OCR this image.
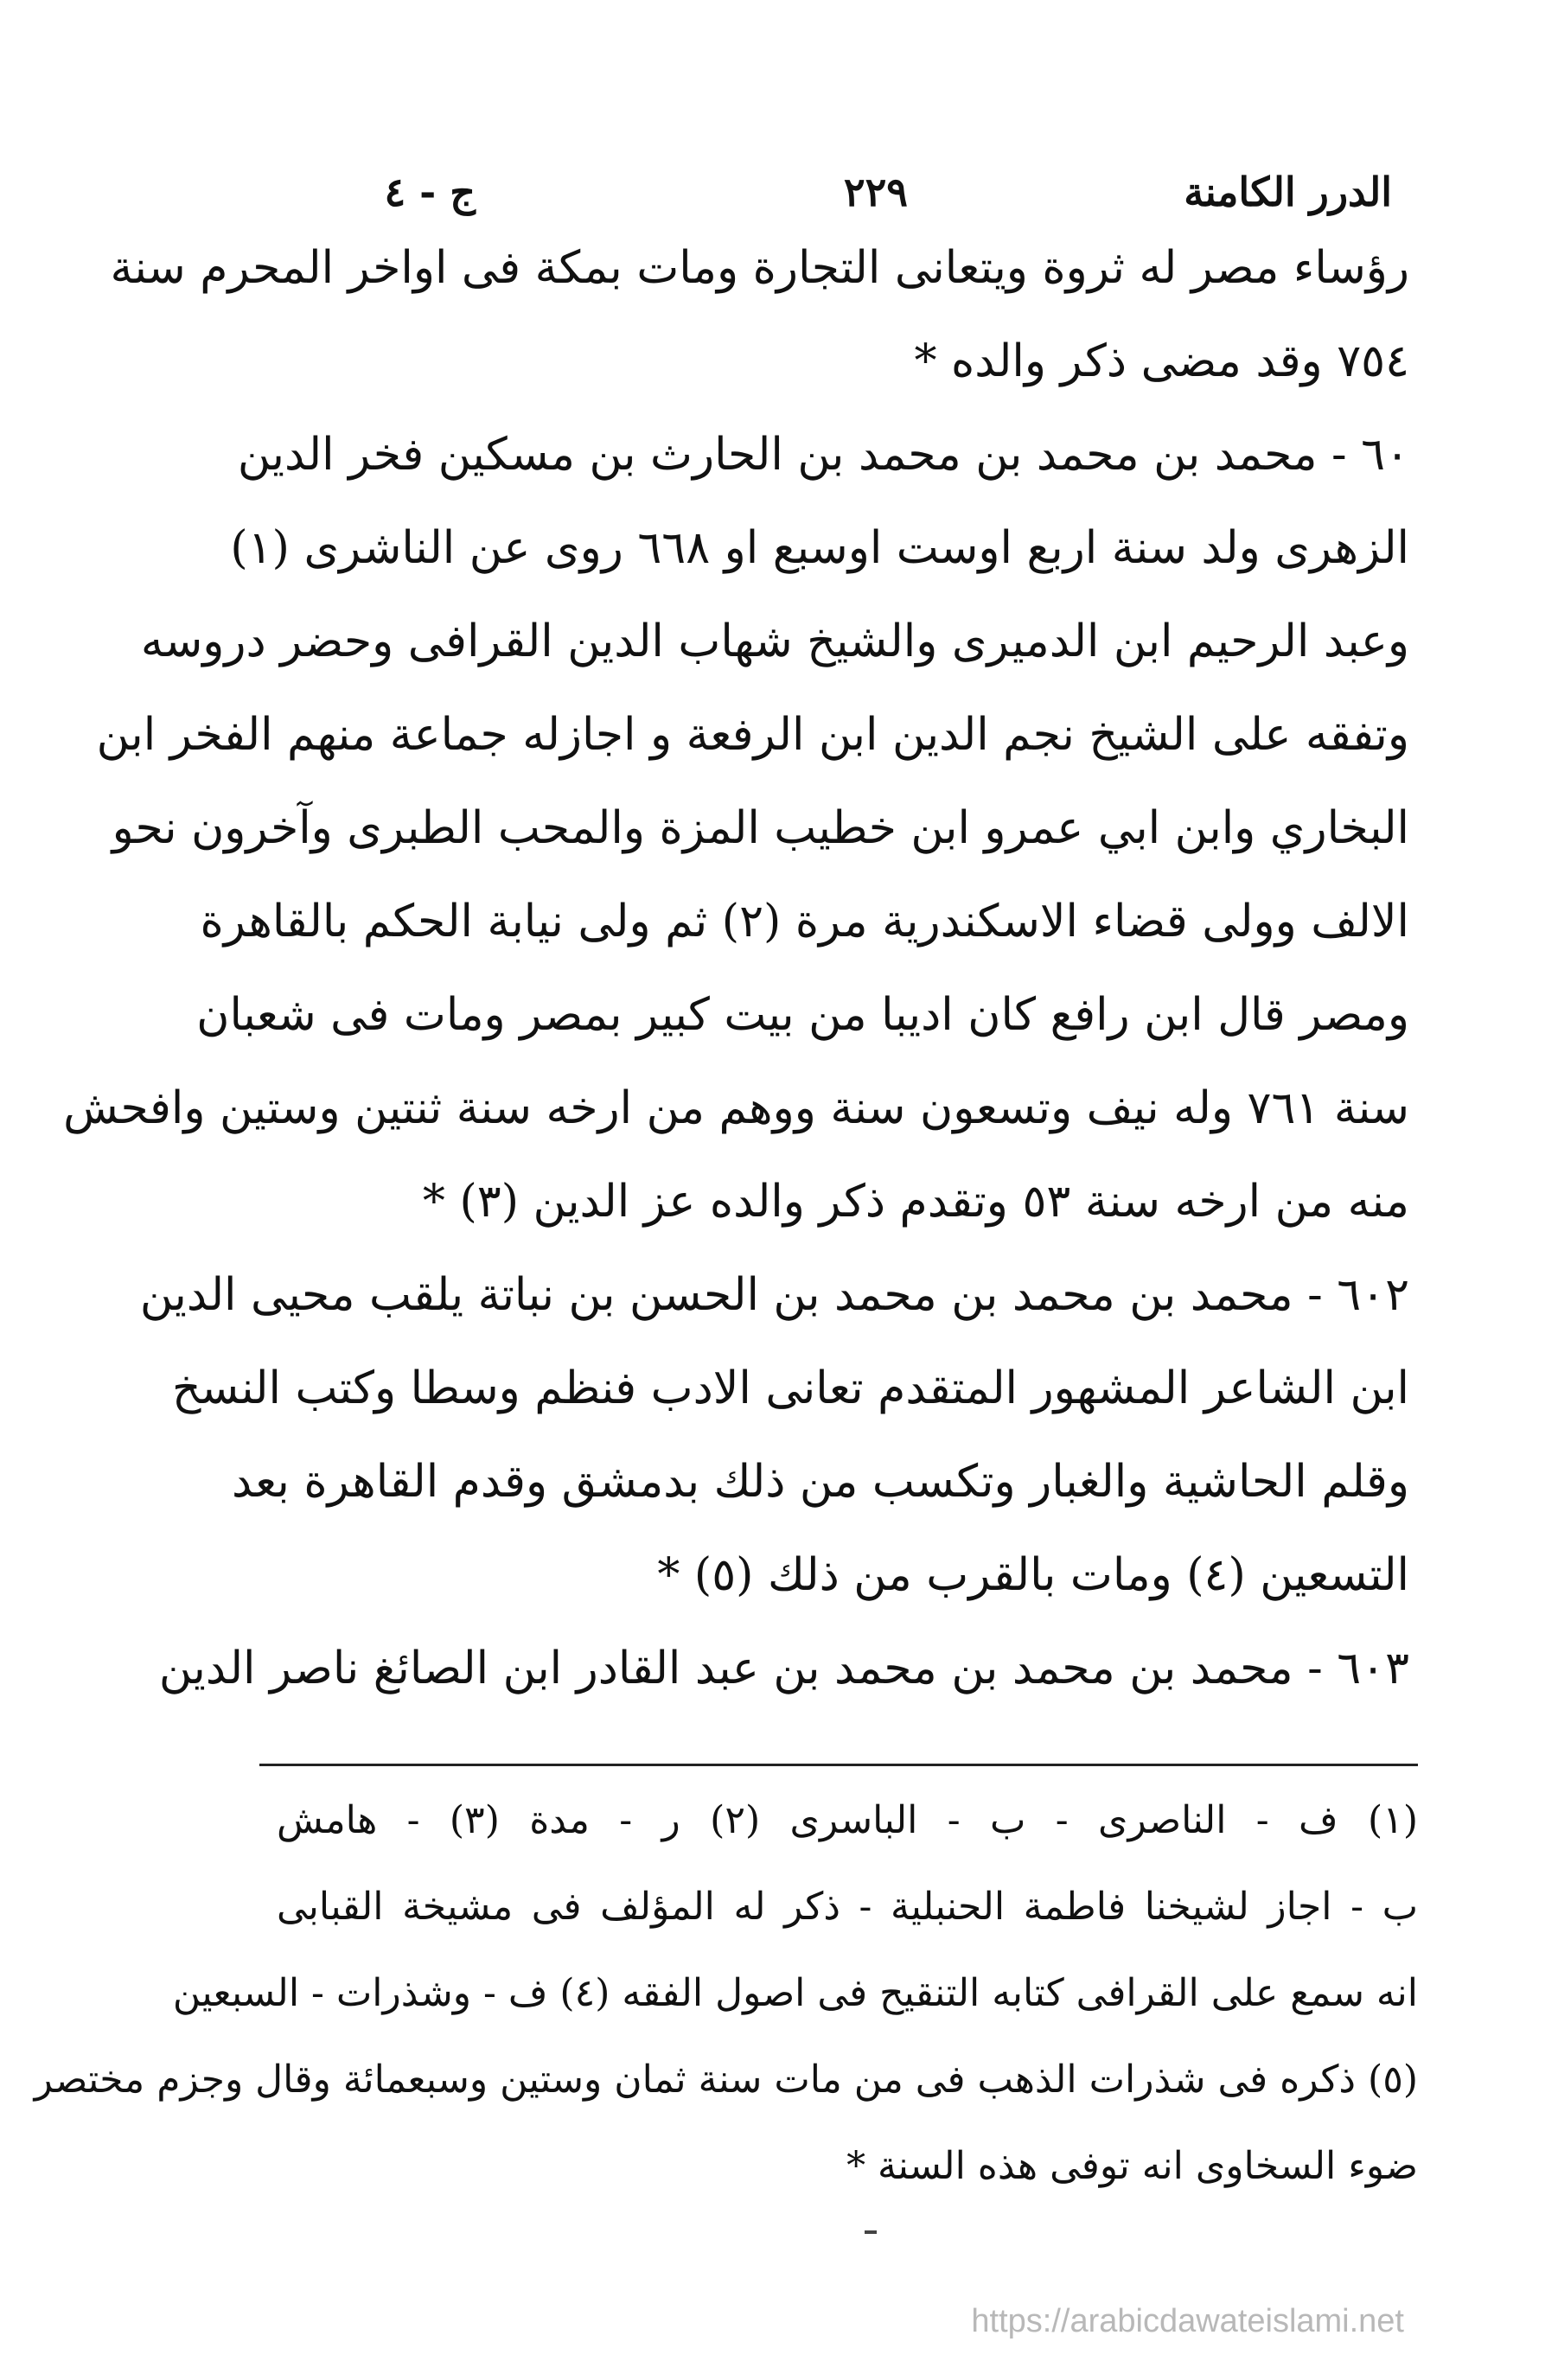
الدرر الكامنة
٢٢٩
ج - ٤
رؤساء مصر له ثروة ويتعانى التجارة ومات بمكة فى اواخر المحرم سنة
٧٥٤ وقد مضى ذكر والده *
٦٠ - محمد بن محمد بن محمد بن الحارث بن مسكين فخر الدين
الزهرى ولد سنة اربع اوست اوسبع او ٦٦٨ روى عن الناشرى (١)
وعبد الرحيم ابن الدميرى والشيخ شهاب الدين القرافى وحضر دروسه
وتفقه على الشيخ نجم الدين ابن الرفعة و اجازله جماعة منهم الفخر ابن
البخاري وابن ابي عمرو ابن خطيب المزة والمحب الطبرى وآخرون نحو
الالف وولى قضاء الاسكندرية مرة (٢) ثم ولى نيابة الحكم بالقاهرة
ومصر قال ابن رافع كان اديبا من بيت كبير بمصر ومات فى شعبان
سنة ٧٦١ وله نيف وتسعون سنة ووهم من ارخه سنة ثنتين وستين وافحش
منه من ارخه سنة ٥٣ وتقدم ذكر والده عز الدين (٣) *
٦٠٢ - محمد بن محمد بن محمد بن الحسن بن نباتة يلقب محيى الدين
ابن الشاعر المشهور المتقدم تعانى الادب فنظم وسطا وكتب النسخ
وقلم الحاشية والغبار وتكسب من ذلك بدمشق وقدم القاهرة بعد
التسعين (٤) ومات بالقرب من ذلك (٥) *
٦٠٣ - محمد بن محمد بن محمد بن عبد القادر ابن الصائغ ناصر الدين
(١) ف - الناصرى - ب - الباسرى (٢) ر - مدة (٣) - هامش
ب - اجاز لشيخنا فاطمة الحنبلية - ذكر له المؤلف فى مشيخة القبابى
انه سمع على القرافى كتابه التنقيح فى اصول الفقه (٤) ف - وشذرات - السبعين
(٥) ذكره فى شذرات الذهب فى من مات سنة ثمان وستين وسبعمائة وقال وجزم مختصر
ضوء السخاوى انه توفى هذه السنة *
https://arabicdawateislami.net
